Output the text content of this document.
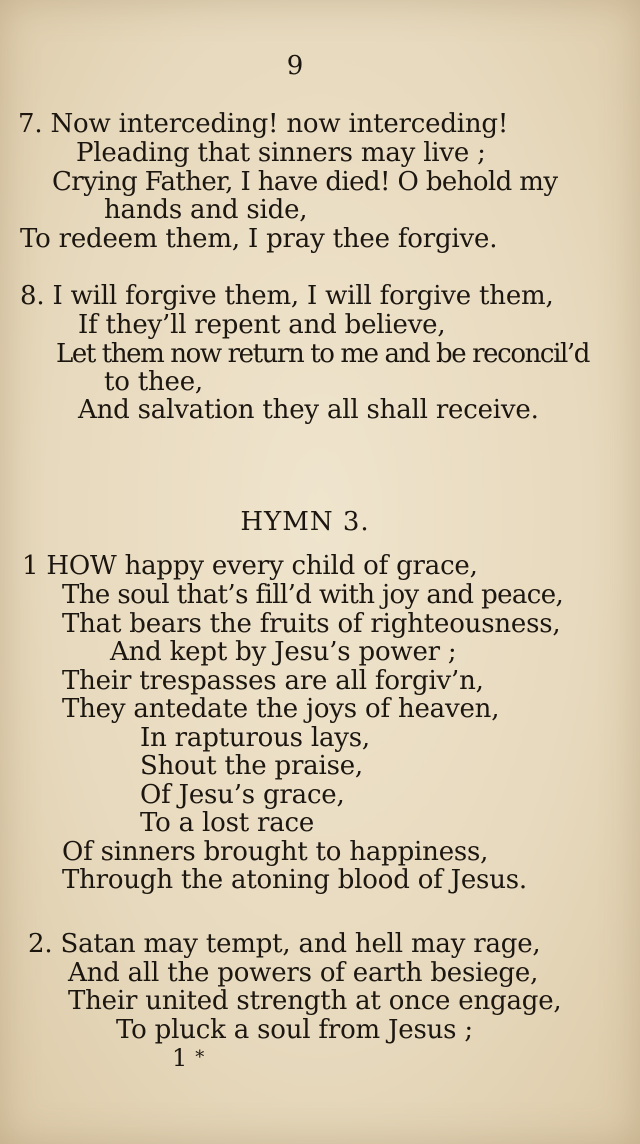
9
7. Now interceding! now interceding!
Pleading that sinners may live ;
Crying Father, I have died! O behold my
hands and side,
To redeem them, I pray thee forgive.
8. I will forgive them, I will forgive them,
If they’ll repent and believe,
Let them now return to me and be reconcil’d
to thee,
And salvation they all shall receive.
HYMN 3.
1 HOW happy every child of grace,
The soul that’s fill’d with joy and peace,
That bears the fruits of righteousness,
And kept by Jesu’s power ;
Their trespasses are all forgiv’n,
They antedate the joys of heaven,
In rapturous lays,
Shout the praise,
Of Jesu’s grace,
To a lost race
Of sinners brought to happiness,
Through the atoning blood of Jesus.
2. Satan may tempt, and hell may rage,
And all the powers of earth besiege,
Their united strength at once engage,
To pluck a soul from Jesus ;
1 *
